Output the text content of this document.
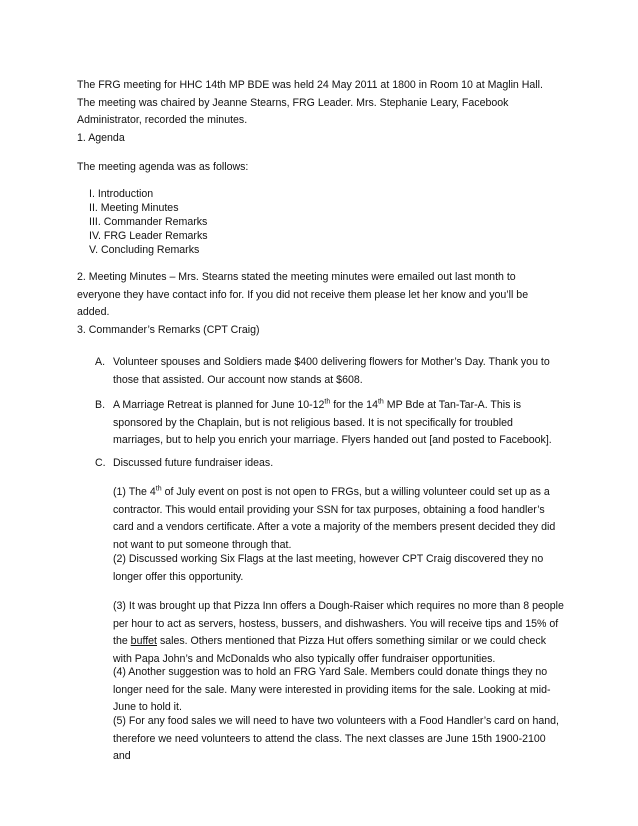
The FRG meeting for HHC 14th MP BDE was held 24 May 2011 at 1800 in Room 10 at Maglin Hall. The meeting was chaired by Jeanne Stearns, FRG Leader. Mrs. Stephanie Leary, Facebook Administrator, recorded the minutes.

1. Agenda

The meeting agenda was as follows:

I. Introduction

II. Meeting Minutes

III. Commander Remarks

IV. FRG Leader Remarks

V. Concluding Remarks

2. Meeting Minutes – Mrs. Stearns stated the meeting minutes were emailed out last month to everyone they have contact info for. If you did not receive them please let her know and you’ll be added.

3. Commander’s Remarks (CPT Craig)

A. Volunteer spouses and Soldiers made $400 delivering flowers for Mother’s Day. Thank you to those that assisted. Our account now stands at $608.

B. A Marriage Retreat is planned for June 10-12th for the 14th MP Bde at Tan-Tar-A. This is sponsored by the Chaplain, but is not religious based. It is not specifically for troubled marriages, but to help you enrich your marriage. Flyers handed out [and posted to Facebook].

C. Discussed future fundraiser ideas.

(1) The 4th of July event on post is not open to FRGs, but a willing volunteer could set up as a contractor. This would entail providing your SSN for tax purposes, obtaining a food handler’s card and a vendors certificate. After a vote a majority of the members present decided they did not want to put someone through that.

(2) Discussed working Six Flags at the last meeting, however CPT Craig discovered they no longer offer this opportunity.

(3) It was brought up that Pizza Inn offers a Dough-Raiser which requires no more than 8 people per hour to act as servers, hostess, bussers, and dishwashers. You will receive tips and 15% of the buffet sales. Others mentioned that Pizza Hut offers something similar or we could check with Papa John’s and McDonalds who also typically offer fundraiser opportunities.

(4) Another suggestion was to hold an FRG Yard Sale. Members could donate things they no longer need for the sale. Many were interested in providing items for the sale. Looking at mid-June to hold it.

(5) For any food sales we will need to have two volunteers with a Food Handler’s card on hand, therefore we need volunteers to attend the class. The next classes are June 15th 1900-2100 and
